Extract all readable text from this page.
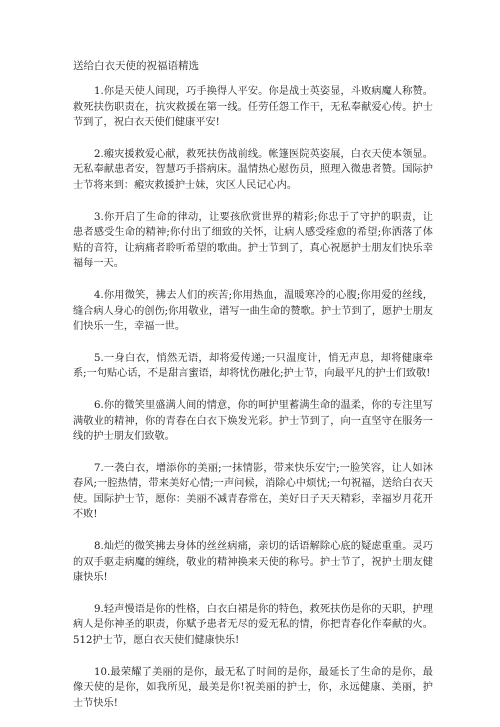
送给白衣天使的祝福语精选

1.你是天使人间现，巧手换得人平安。你是战士英姿显，斗败病魔人称赞。救死扶伤职责在，抗灾救援在第一线。任劳任怨工作干，无私奉献爱心传。护士节到了，祝白衣天使们健康平安!

2.瘢灾援救爱心献，救死扶伤战前线。帐篷医院英姿展，白衣天使本领显。无私奉献患者安，智慧巧手搭病床。温情热心慰伤员，照理入微患者赞。国际护士节将来到：瘢灾救援护士妹，灾区人民记心内。

3.你开启了生命的律动，让要孩欣赏世界的精彩;你忠于了守护的职责，让患者感受生命的精神;你付出了细致的关怀，让病人感受痊愈的希望;你洒落了体贴的音符，让病痛者聆听希望的歌曲。护士节到了，真心祝愿护士朋友们快乐幸福每一天。

4.你用微笑，拂去人们的疾苦;你用热血，温暖寒冷的心腹;你用爱的丝线，缝合病人身心的创伤;你用敬业，谱写一曲生命的赞歌。护士节到了，愿护士朋友们快乐一生，幸福一世。

5.一身白衣，悄然无语，却将爱传递;一只温度计，悄无声息，却将健康牵系;一句贴心话，不是甜言蜜语，却将忧伤融化;护士节，向最平凡的护士们致敬!

6.你的微笑里盛满人间的情意，你的呵护里蓄满生命的温柔，你的专注里写满敬业的精神，你的青春在白衣下焕发光彩。护士节到了，向一直坚守在服务一线的护士朋友们致敬。

7.一袭白衣，增添你的美丽;一抹情影，带来快乐安宁;一脸笑容，让人如沐春风;一腔热情，带来美好心情;一声问候，消除心中烦忧;一句祝福，送给白衣天使。国际护士节，愿你：美丽不减青春常在，美好日子天天精彩，幸福岁月花开不败!

8.灿烂的微笑拂去身体的丝丝病痛，亲切的话语解除心底的疑虑重重。灵巧的双手驱走病魔的缠绕，敬业的精神换来天使的称号。护士节了，祝护士朋友健康快乐!

9.轻声慢语是你的性格，白衣白裙是你的特色，救死扶伤是你的天职，护理病人是你神圣的职责，你赋予患者无尽的爱无私的情，你把青春化作奉献的火。512护士节，愿白衣天使们健康快乐!

10.最荣耀了美丽的是你，最无私了时间的是你，最延长了生命的是你，最像天使的是你，如我所见，最美是你!祝美丽的护士，你，永远健康、美丽，护士节快乐!
